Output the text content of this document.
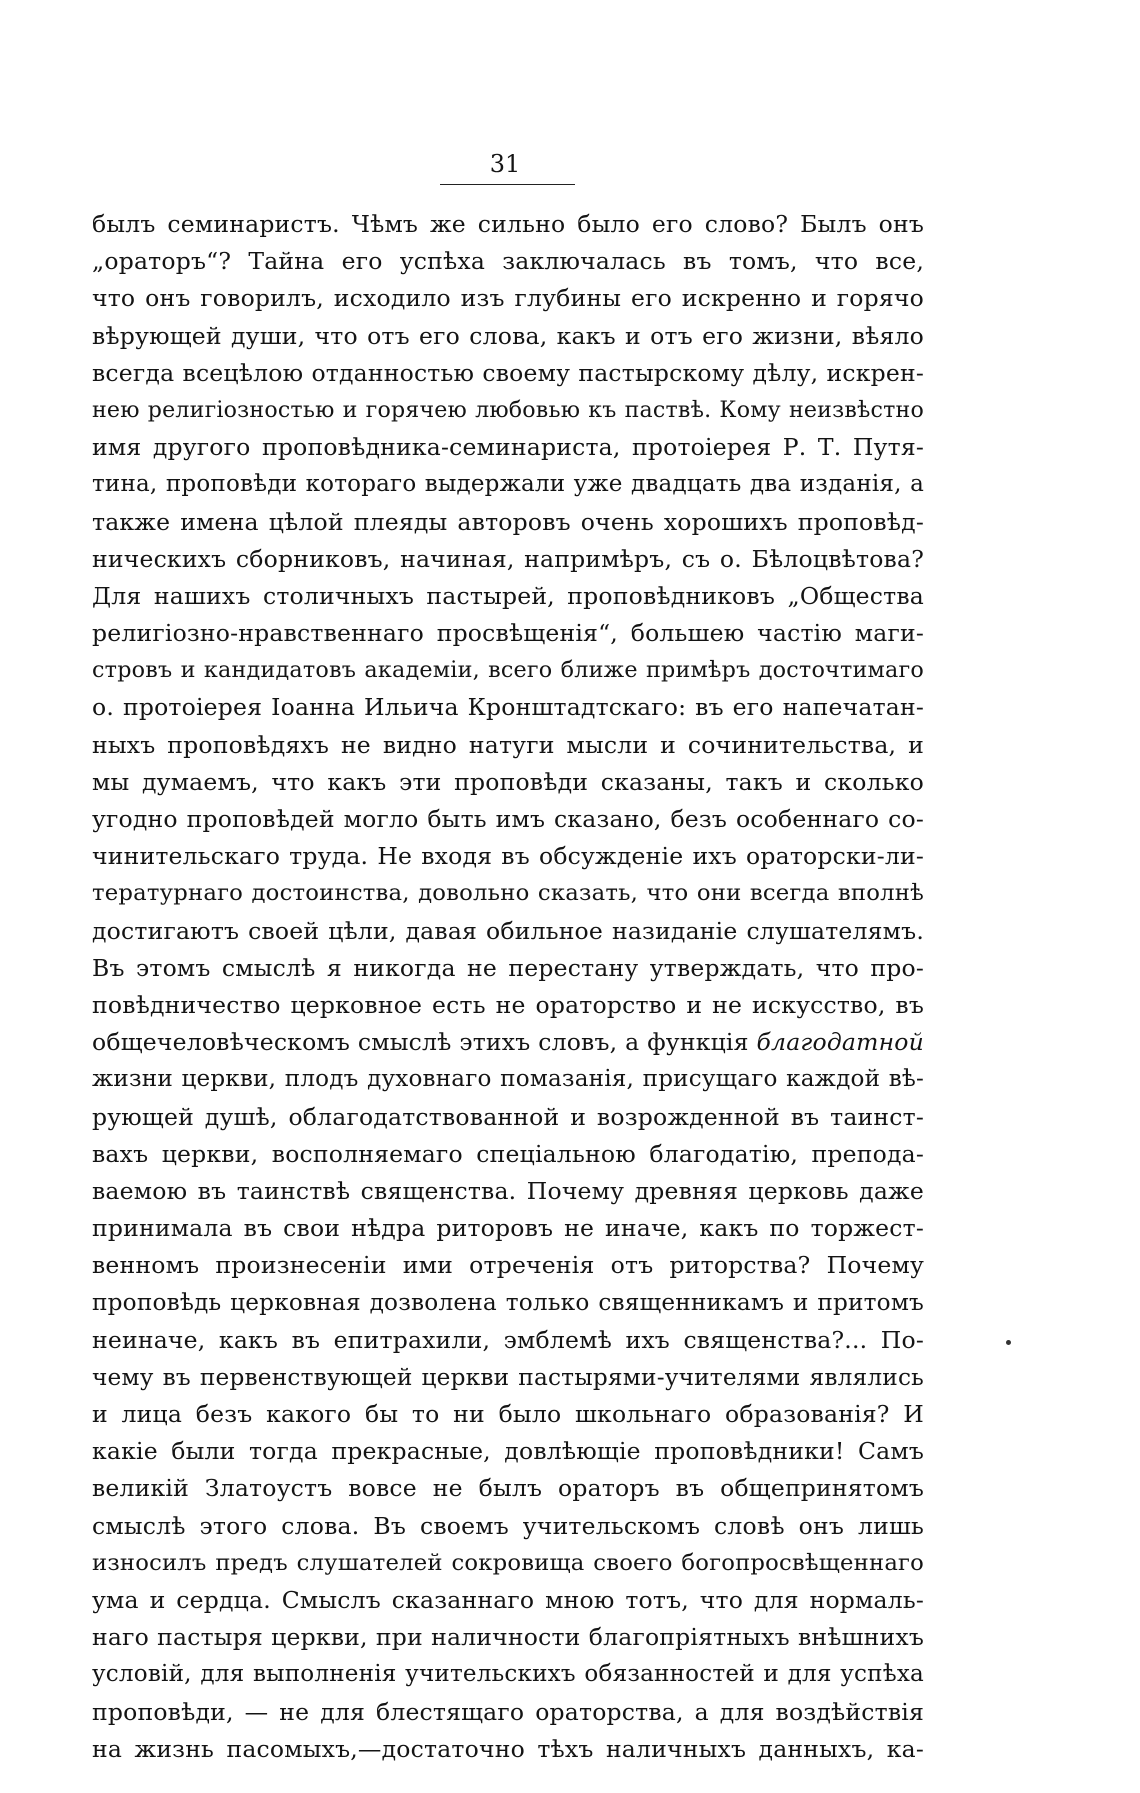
31
былъ семинаристъ. Чѣмъ же сильно было его слово? Былъ онъ
„ораторъ“? Тайна его успѣха заключалась въ томъ, что все,
что онъ говорилъ, исходило изъ глубины его искренно и горячо
вѣрующей души, что отъ его слова, какъ и отъ его жизни, вѣяло
всегда всецѣлою отданностью своему пастырскому дѣлу, искрен-
нею религіозностью и горячею любовью къ паствѣ. Кому неизвѣстно
имя другого проповѣдника-семинариста, протоіерея Р. Т. Путя-
тина, проповѣди котораго выдержали уже двадцать два изданія, а
также имена цѣлой плеяды авторовъ очень хорошихъ проповѣд-
ническихъ сборниковъ, начиная, напримѣръ, съ о. Бѣлоцвѣтова?
Для нашихъ столичныхъ пастырей, проповѣдниковъ „Общества
религіозно-нравственнаго просвѣщенія“, большею частію маги-
стровъ и кандидатовъ академіи, всего ближе примѣръ досточтимаго
о. протоіерея Іоанна Ильича Кронштадтскаго: въ его напечатан-
ныхъ проповѣдяхъ не видно натуги мысли и сочинительства, и
мы думаемъ, что какъ эти проповѣди сказаны, такъ и сколько
угодно проповѣдей могло быть имъ сказано, безъ особеннаго со-
чинительскаго труда. Не входя въ обсужденіе ихъ ораторски-ли-
тературнаго достоинства, довольно сказать, что они всегда вполнѣ
достигаютъ своей цѣли, давая обильное назиданіе слушателямъ.
Въ этомъ смыслѣ я никогда не перестану утверждать, что про-
повѣдничество церковное есть не ораторство и не искусство, въ
общечеловѣческомъ смыслѣ этихъ словъ, а функція благодатной
жизни церкви, плодъ духовнаго помазанія, присущаго каждой вѣ-
рующей душѣ, облагодатствованной и возрожденной въ таинст-
вахъ церкви, восполняемаго спеціальною благодатію, препода-
ваемою въ таинствѣ священства. Почему древняя церковь даже
принимала въ свои нѣдра риторовъ не иначе, какъ по торжест-
венномъ произнесеніи ими отреченія отъ риторства? Почему
проповѣдь церковная дозволена только священникамъ и притомъ
неиначе, какъ въ епитрахили, эмблемѣ ихъ священства?... По-
чему въ первенствующей церкви пастырями-учителями являлись
и лица безъ какого бы то ни было школьнаго образованія? И
какіе были тогда прекрасные, довлѣющіе проповѣдники! Самъ
великій Златоустъ вовсе не былъ ораторъ въ общепринятомъ
смыслѣ этого слова. Въ своемъ учительскомъ словѣ онъ лишь
износилъ предъ слушателей сокровища своего богопросвѣщеннаго
ума и сердца. Смыслъ сказаннаго мною тотъ, что для нормаль-
наго пастыря церкви, при наличности благопріятныхъ внѣшнихъ
условій, для выполненія учительскихъ обязанностей и для успѣха
проповѣди, — не для блестящаго ораторства, а для воздѣйствія
на жизнь пасомыхъ,—достаточно тѣхъ наличныхъ данныхъ, ка-
